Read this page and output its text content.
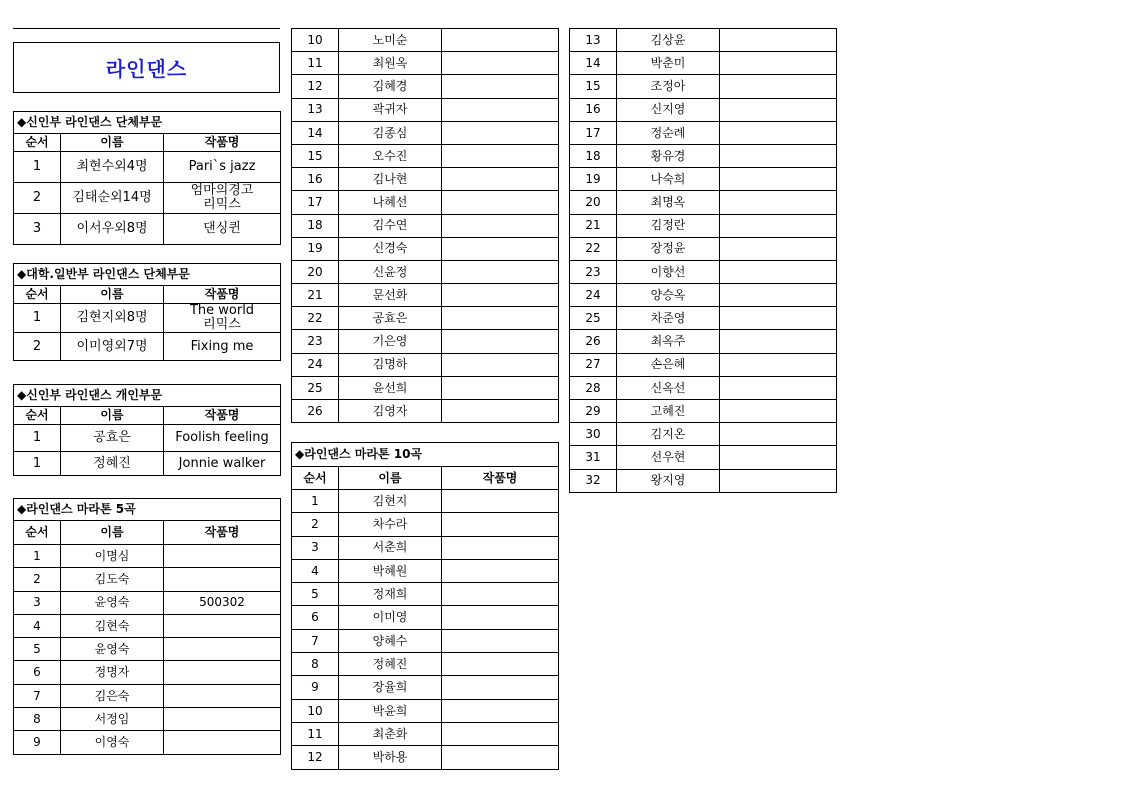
라인댄스
◆신인부 라인댄스 단체부문		
순서	이름	작품명
1	최현수외4명	Pari`s jazz
2	김태순외14명	엄마의경고
리믹스
3	이서우외8명	댄싱퀸
◆대학.일반부 라인댄스 단체부문		
순서	이름	작품명
1	김현지외8명	The world
리믹스
2	이미영외7명	Fixing me
◆신인부 라인댄스 개인부문		
순서	이름	작품명
1	공효은	Foolish feeling
1	정혜진	Jonnie walker
◆라인댄스 마라톤 5곡		
순서	이름	작품명
1	이명심	
2	김도숙	
3	윤영숙	500302
4	김현숙	
5	윤영숙	
6	정명자	
7	김은숙	
8	서정임	
9	이영숙	
10	노미순	
11	최원옥	
12	김혜경	
13	곽귀자	
14	김종심	
15	오수진	
16	김나현	
17	나혜선	
18	김수연	
19	신경숙	
20	신윤정	
21	문선화	
22	공효은	
23	기은영	
24	김명하	
25	윤선희	
26	김영자	
◆라인댄스 마라톤 10곡		
순서	이름	작품명
1	김현지	
2	차수라	
3	서춘희	
4	박혜원	
5	정재희	
6	이미영	
7	양혜수	
8	정혜진	
9	장율희	
10	박윤희	
11	최춘화	
12	박하용	
13	김상윤	
14	박춘미	
15	조정아	
16	신지영	
17	정순례	
18	황유경	
19	나숙희	
20	최명옥	
21	김정란	
22	장정윤	
23	이향선	
24	양승옥	
25	차준영	
26	최옥주	
27	손은혜	
28	신옥선	
29	고혜진	
30	김지온	
31	선우현	
32	왕지영	
